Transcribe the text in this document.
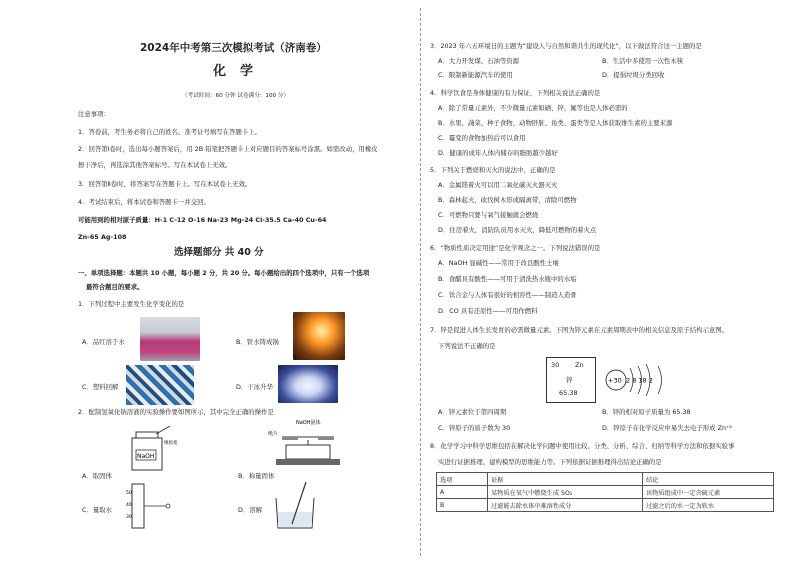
2024年中考第三次模拟考试（济南卷）
化学
（考试时间：60 分钟 试卷满分：100 分）
注意事项：
1．答卷前，考生务必将自己的姓名、准考证号填写在答题卡上。
2．回答第Ⅰ卷时，选出每小题答案后，用 2B 铅笔把答题卡上对应题目的答案标号涂黑。如需改动，用橡皮
擦干净后，再选涂其他答案标号。写在本试卷上无效。
3．回答第Ⅱ卷时，将答案写在答题卡上。写在本试卷上无效。
4．考试结束后，将本试卷和答题卡一并交回。
可能用到的相对原子质量：H-1 C-12 O-16 Na-23 Mg-24 Cl-35.5 Ca-40 Cu-64
Zn-65 Ag-108
选择题部分 共 40 分
一、单项选择题：本题共 10 小题，每小题 2 分，共 20 分。每小题给出的四个选项中，只有一个选项
最符合题目的要求。
1．下列过程中主要发生化学变化的是
A．品红溶于水	B．铁水铸成锅
C．塑料回解	D．干冰升华
2．配制氢氧化钠溶液的实验操作要如图所示，其中完全正确的操作是
NaOH
橡胶塞
A．取固体
NaOH固体
纸片
B．称量固体
50
40
30
C．量取水	D．溶解
3．2023 年六五环境日的主题为“建设人与自然和谐共生的现代化”，以下做法符合这一主题的是
A．大力开发煤、石油等资源	B．生活中多使用一次性木筷
C．限制新能源汽车的使用	D．提倡垃圾分类回收
4．科学饮食是身体健康的有力保证，下列相关说法正确的是
A．除了常量元素外，不少微量元素如硒、锌、氟等也是人体必需的
B．水果、蔬菜、种子食物、动物肝脏、鱼类、蛋类等是人体获取维生素的主要来源
C．霉变的食物加热后可以食用
D．健康的成年人体内储存的脂肪越少越好
5．下列关于燃烧和灭火的说法中，正确的是
A．金属镁着火可以用二氧化碳灭火器灭火
B．森林起火，砍伐树木形成隔离带，清除可燃物
C．可燃物只要与氧气接触就会燃烧
D．住房着火，消防队员用水灭火，降低可燃物的着火点
6．“物质性质决定用途”是化学观念之一。下列说法错误的是
A．NaOH 显碱性——常用于改良酸性土壤
B．食醋具有酸性——可用于清洗热水瓶中的水垢
C．钛合金与人体有很好的相容性——制造人造骨
D．CO 具有还原性——可用作燃料
7．锌是促进人体生长发育的必需微量元素。下图为锌元素在元素周期表中的相关信息及原子结构示意图。
下列说法不正确的是
30 Zn
锌
65.38
+30 2 8 18 2
A．锌元素位于第四周期	B．锌的相对原子质量为 65.38
C．锌原子的质子数为 30	D．锌原子在化学反应中易失去电子形成 Zn⁺²
8．化学学习中科学思维包括在解决化学问题中使用比较、分类、分析、综合、归纳等科学方法和依据实验事
实进行证据推理、建构模型的思维能力等。下列依据证据推理得出结论正确的是
选项	证据	结论
A	某物质在氧气中燃烧生成 SO₂	该物质组成中一定含硫元素
B	过滤能去除水体中难溶性成分	过滤之后的水一定为软水
